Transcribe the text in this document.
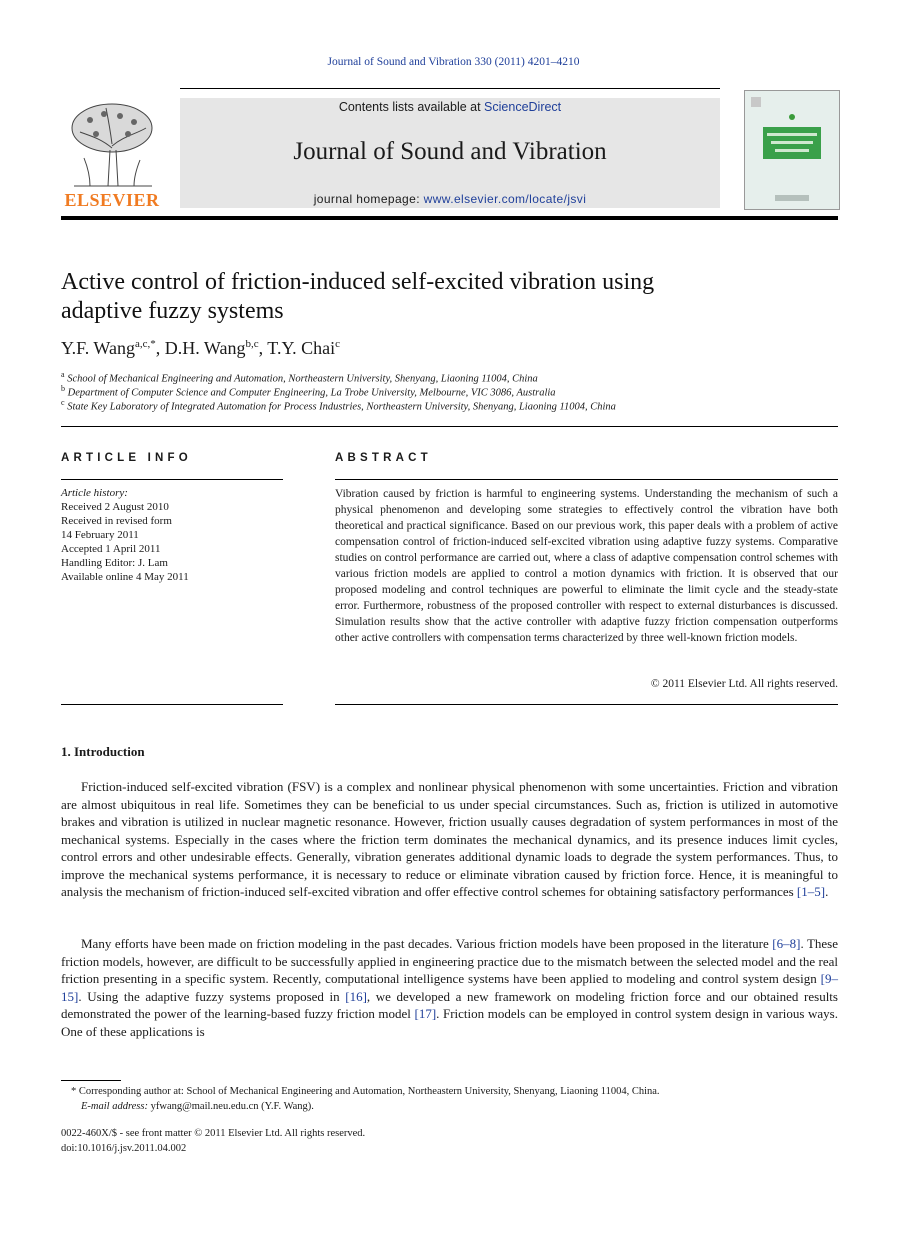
Journal of Sound and Vibration 330 (2011) 4201–4210
ELSEVIER
Contents lists available at ScienceDirect
Journal of Sound and Vibration
journal homepage: www.elsevier.com/locate/jsvi
Active control of friction-induced self-excited vibration using
adaptive fuzzy systems
Y.F. Wang$^{a,c,*}$, D.H. Wang$^{b,c}$, T.Y. Chai$^c$
$^a$ School of Mechanical Engineering and Automation, Northeastern University, Shenyang, Liaoning 11004, China
$^b$ Department of Computer Science and Computer Engineering, La Trobe University, Melbourne, VIC 3086, Australia
$^c$ State Key Laboratory of Integrated Automation for Process Industries, Northeastern University, Shenyang, Liaoning 11004, China
ARTICLE INFO
Article history:
Received 2 August 2010
Received in revised form
14 February 2011
Accepted 1 April 2011
Handling Editor: J. Lam
Available online 4 May 2011
ABSTRACT
Vibration caused by friction is harmful to engineering systems. Understanding the mechanism of such a physical phenomenon and developing some strategies to effectively control the vibration have both theoretical and practical significance. Based on our previous work, this paper deals with a problem of active compensation control of friction-induced self-excited vibration using adaptive fuzzy systems. Comparative studies on control performance are carried out, where a class of adaptive compensation control schemes with various friction models are applied to control a motion dynamics with friction. It is observed that our proposed modeling and control techniques are powerful to eliminate the limit cycle and the steady-state error. Furthermore, robustness of the proposed controller with respect to external disturbances is discussed. Simulation results show that the active controller with adaptive fuzzy friction compensation outperforms other active controllers with compensation terms characterized by three well-known friction models.
© 2011 Elsevier Ltd. All rights reserved.
1. Introduction
Friction-induced self-excited vibration (FSV) is a complex and nonlinear physical phenomenon with some uncertainties. Friction and vibration are almost ubiquitous in real life. Sometimes they can be beneficial to us under special circumstances. Such as, friction is utilized in automotive brakes and vibration is utilized in nuclear magnetic resonance. However, friction usually causes degradation of system performances in most of the mechanical systems. Especially in the cases where the friction term dominates the mechanical dynamics, and its presence induces limit cycles, control errors and other undesirable effects. Generally, vibration generates additional dynamic loads to degrade the system performances. Thus, to improve the mechanical systems performance, it is necessary to reduce or eliminate vibration caused by friction force. Hence, it is meaningful to analysis the mechanism of friction-induced self-excited vibration and offer effective control schemes for obtaining satisfactory performances [1–5].
Many efforts have been made on friction modeling in the past decades. Various friction models have been proposed in the literature [6–8]. These friction models, however, are difficult to be successfully applied in engineering practice due to the mismatch between the selected model and the real friction presenting in a specific system. Recently, computational intelligence systems have been applied to modeling and control system design [9–15]. Using the adaptive fuzzy systems proposed in [16], we developed a new framework on modeling friction force and our obtained results demonstrated the power of the learning-based fuzzy friction model [17]. Friction models can be employed in control system design in various ways. One of these applications is
* Corresponding author at: School of Mechanical Engineering and Automation, Northeastern University, Shenyang, Liaoning 11004, China.
E-mail address: yfwang@mail.neu.edu.cn (Y.F. Wang).
0022-460X/$ - see front matter © 2011 Elsevier Ltd. All rights reserved.
doi:10.1016/j.jsv.2011.04.002
